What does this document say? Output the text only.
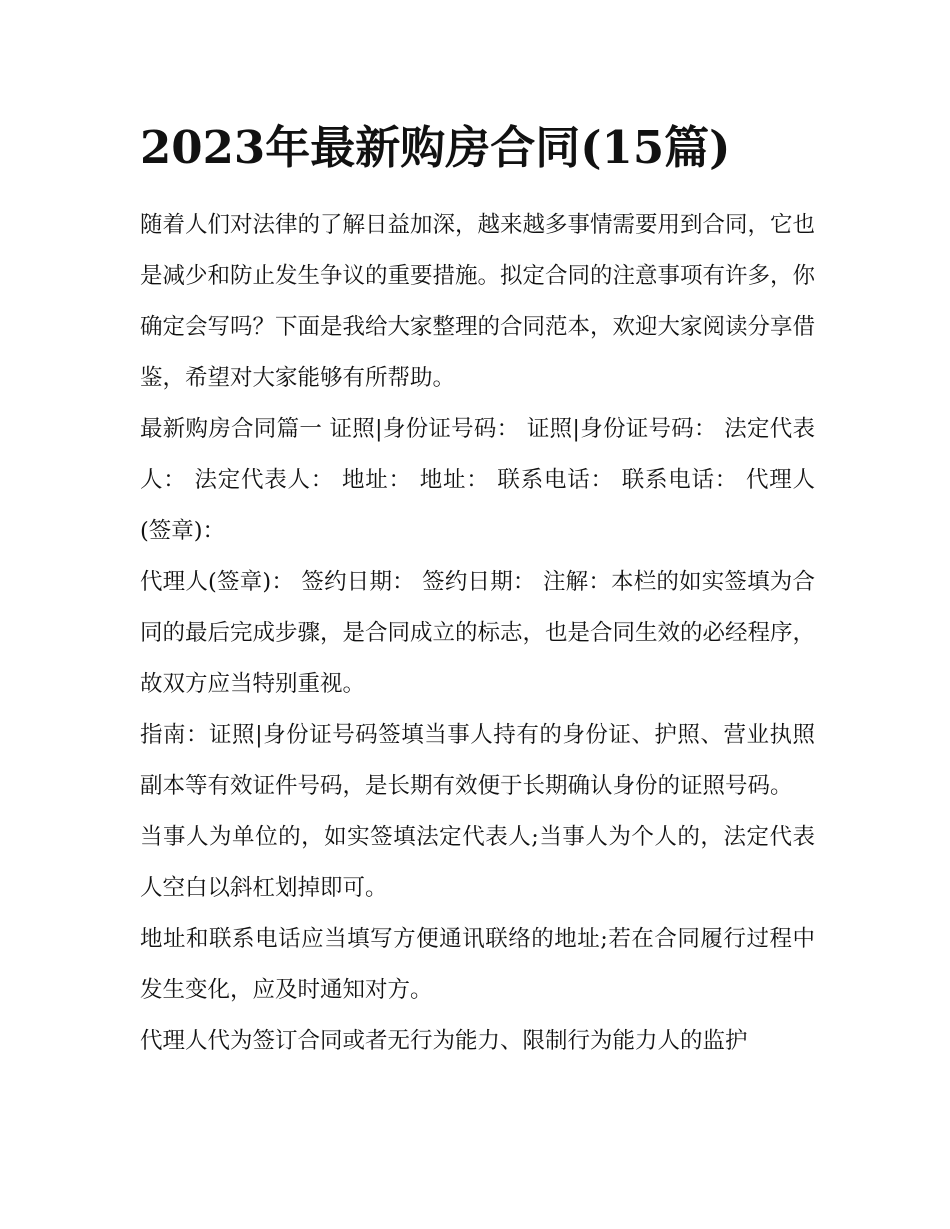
2023年最新购房合同(15篇)

随着人们对法律的了解日益加深，越来越多事情需要用到合同，它也是减少和防止发生争议的重要措施。拟定合同的注意事项有许多，你确定会写吗？下面是我给大家整理的合同范本，欢迎大家阅读分享借鉴，希望对大家能够有所帮助。

最新购房合同篇一 证照|身份证号码： 证照|身份证号码： 法定代表人： 法定代表人： 地址： 地址： 联系电话： 联系电话： 代理人(签章)：

代理人(签章)： 签约日期： 签约日期： 注解：本栏的如实签填为合同的最后完成步骤，是合同成立的标志，也是合同生效的必经程序，故双方应当特别重视。

指南：证照|身份证号码签填当事人持有的身份证、护照、营业执照副本等有效证件号码，是长期有效便于长期确认身份的证照号码。

当事人为单位的，如实签填法定代表人;当事人为个人的，法定代表人空白以斜杠划掉即可。

地址和联系电话应当填写方便通讯联络的地址;若在合同履行过程中发生变化，应及时通知对方。

代理人代为签订合同或者无行为能力、限制行为能力人的监护
